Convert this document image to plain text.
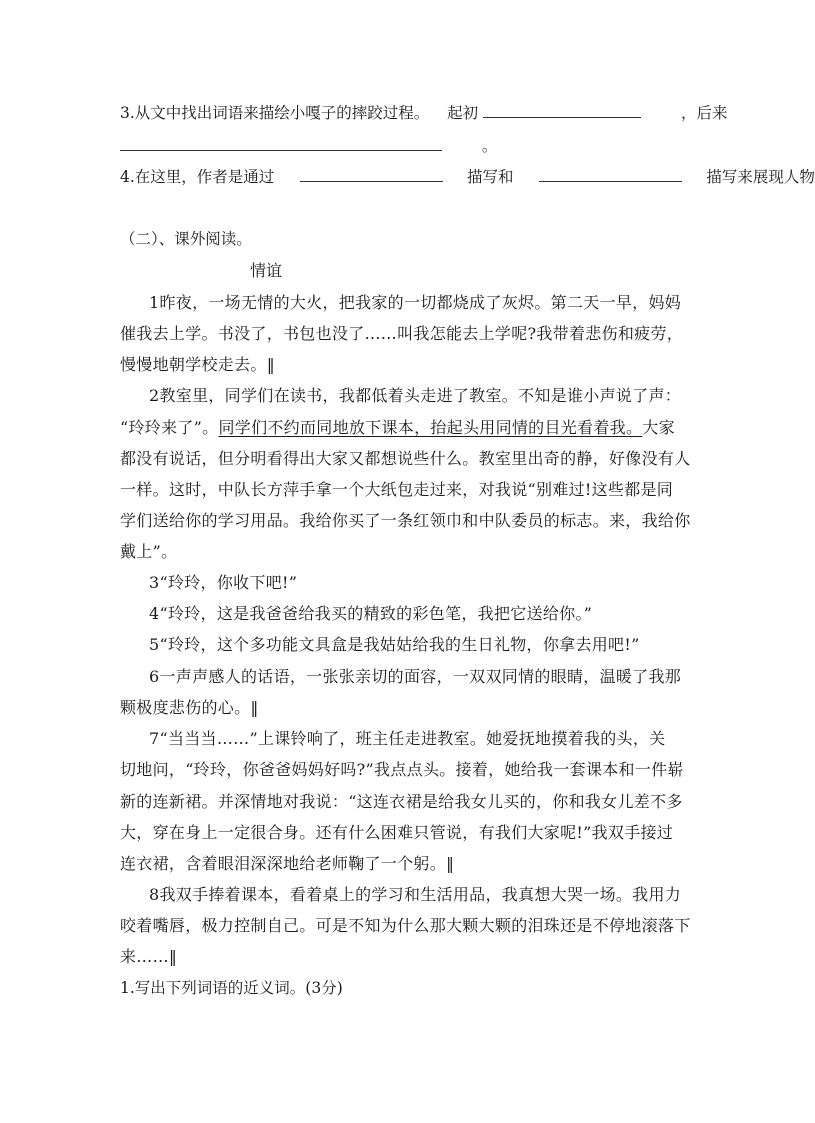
3.从文中找出词语来描绘小嘎子的摔跤过程。 起初	，后来
。
4.在这里，作者是通过	描写和	描写来展现人物
（二）、课外阅读。
情谊
1昨夜，一场无情的大火，把我家的一切都烧成了灰烬。第二天一早，妈妈
催我去上学。书没了，书包也没了……叫我怎能去上学呢?我带着悲伤和疲劳，
慢慢地朝学校走去。‖
2教室里，同学们在读书，我都低着头走进了教室。不知是谁小声说了声：
“玲玲来了”。同学们不约而同地放下课本，抬起头用同情的目光看着我。大家
都没有说话，但分明看得出大家又都想说些什么。教室里出奇的静，好像没有人
一样。这时，中队长方萍手拿一个大纸包走过来，对我说“别难过!这些都是同
学们送给你的学习用品。我给你买了一条红领巾和中队委员的标志。来，我给你
戴上”。
3“玲玲，你收下吧!”
4“玲玲，这是我爸爸给我买的精致的彩色笔，我把它送给你。”
5“玲玲，这个多功能文具盒是我姑姑给我的生日礼物，你拿去用吧!”
6一声声感人的话语，一张张亲切的面容，一双双同情的眼睛，温暖了我那
颗极度悲伤的心。‖
7“当当当……”上课铃响了，班主任走进教室。她爱抚地摸着我的头，关
切地问，“玲玲，你爸爸妈妈好吗?”我点点头。接着，她给我一套课本和一件崭
新的连新裙。并深情地对我说：“这连衣裙是给我女儿买的，你和我女儿差不多
大，穿在身上一定很合身。还有什么困难只管说，有我们大家呢!”我双手接过
连衣裙，含着眼泪深深地给老师鞠了一个躬。‖
8我双手捧着课本，看着桌上的学习和生活用品，我真想大哭一场。我用力
咬着嘴唇，极力控制自己。可是不知为什么那大颗大颗的泪珠还是不停地滚落下
来……‖
1.写出下列词语的近义词。(3分)
